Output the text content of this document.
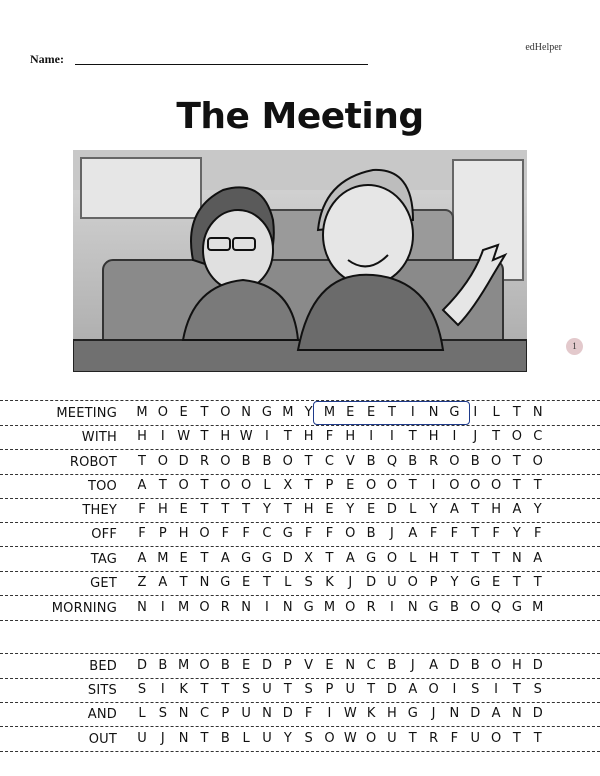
edHelper
Name:
The Meeting
1
MEETING M O E T O N G M Y M E E T	I	N G	I	L	T N
WITH	H	I W T H W I	T H F H	I	I	T H	I	J	T O C
ROBOT	T O D R O B B O T C V B Q B R O B O T O
TOO	A T O T O O L X T P E O O T	I	O O O T T
THEY	F H E T T T Y T H E Y E D L	Y A T H A Y
OFF	F	P H O F	F C G F	F O B	J	A F	F	T	F	Y	F
TAG	A M E T A G G D X T A G O L H T T T N A
GET	Z A T N G E T	L	S K	J	D U O P Y G E T T
MORNING	N	I	M O R N	I	N G M O R	I	N G B O Q G M
BED	D B M O B E D P V E N C B	J	A D B O H D
SITS	S	I	K T T S U T S P U T D A O	I	S	I	T S
AND	L	S N C P U N D F	I W K H G	J	N D A N D
OUT	U	J	N T B L U Y S O W O U T R F U O T T
